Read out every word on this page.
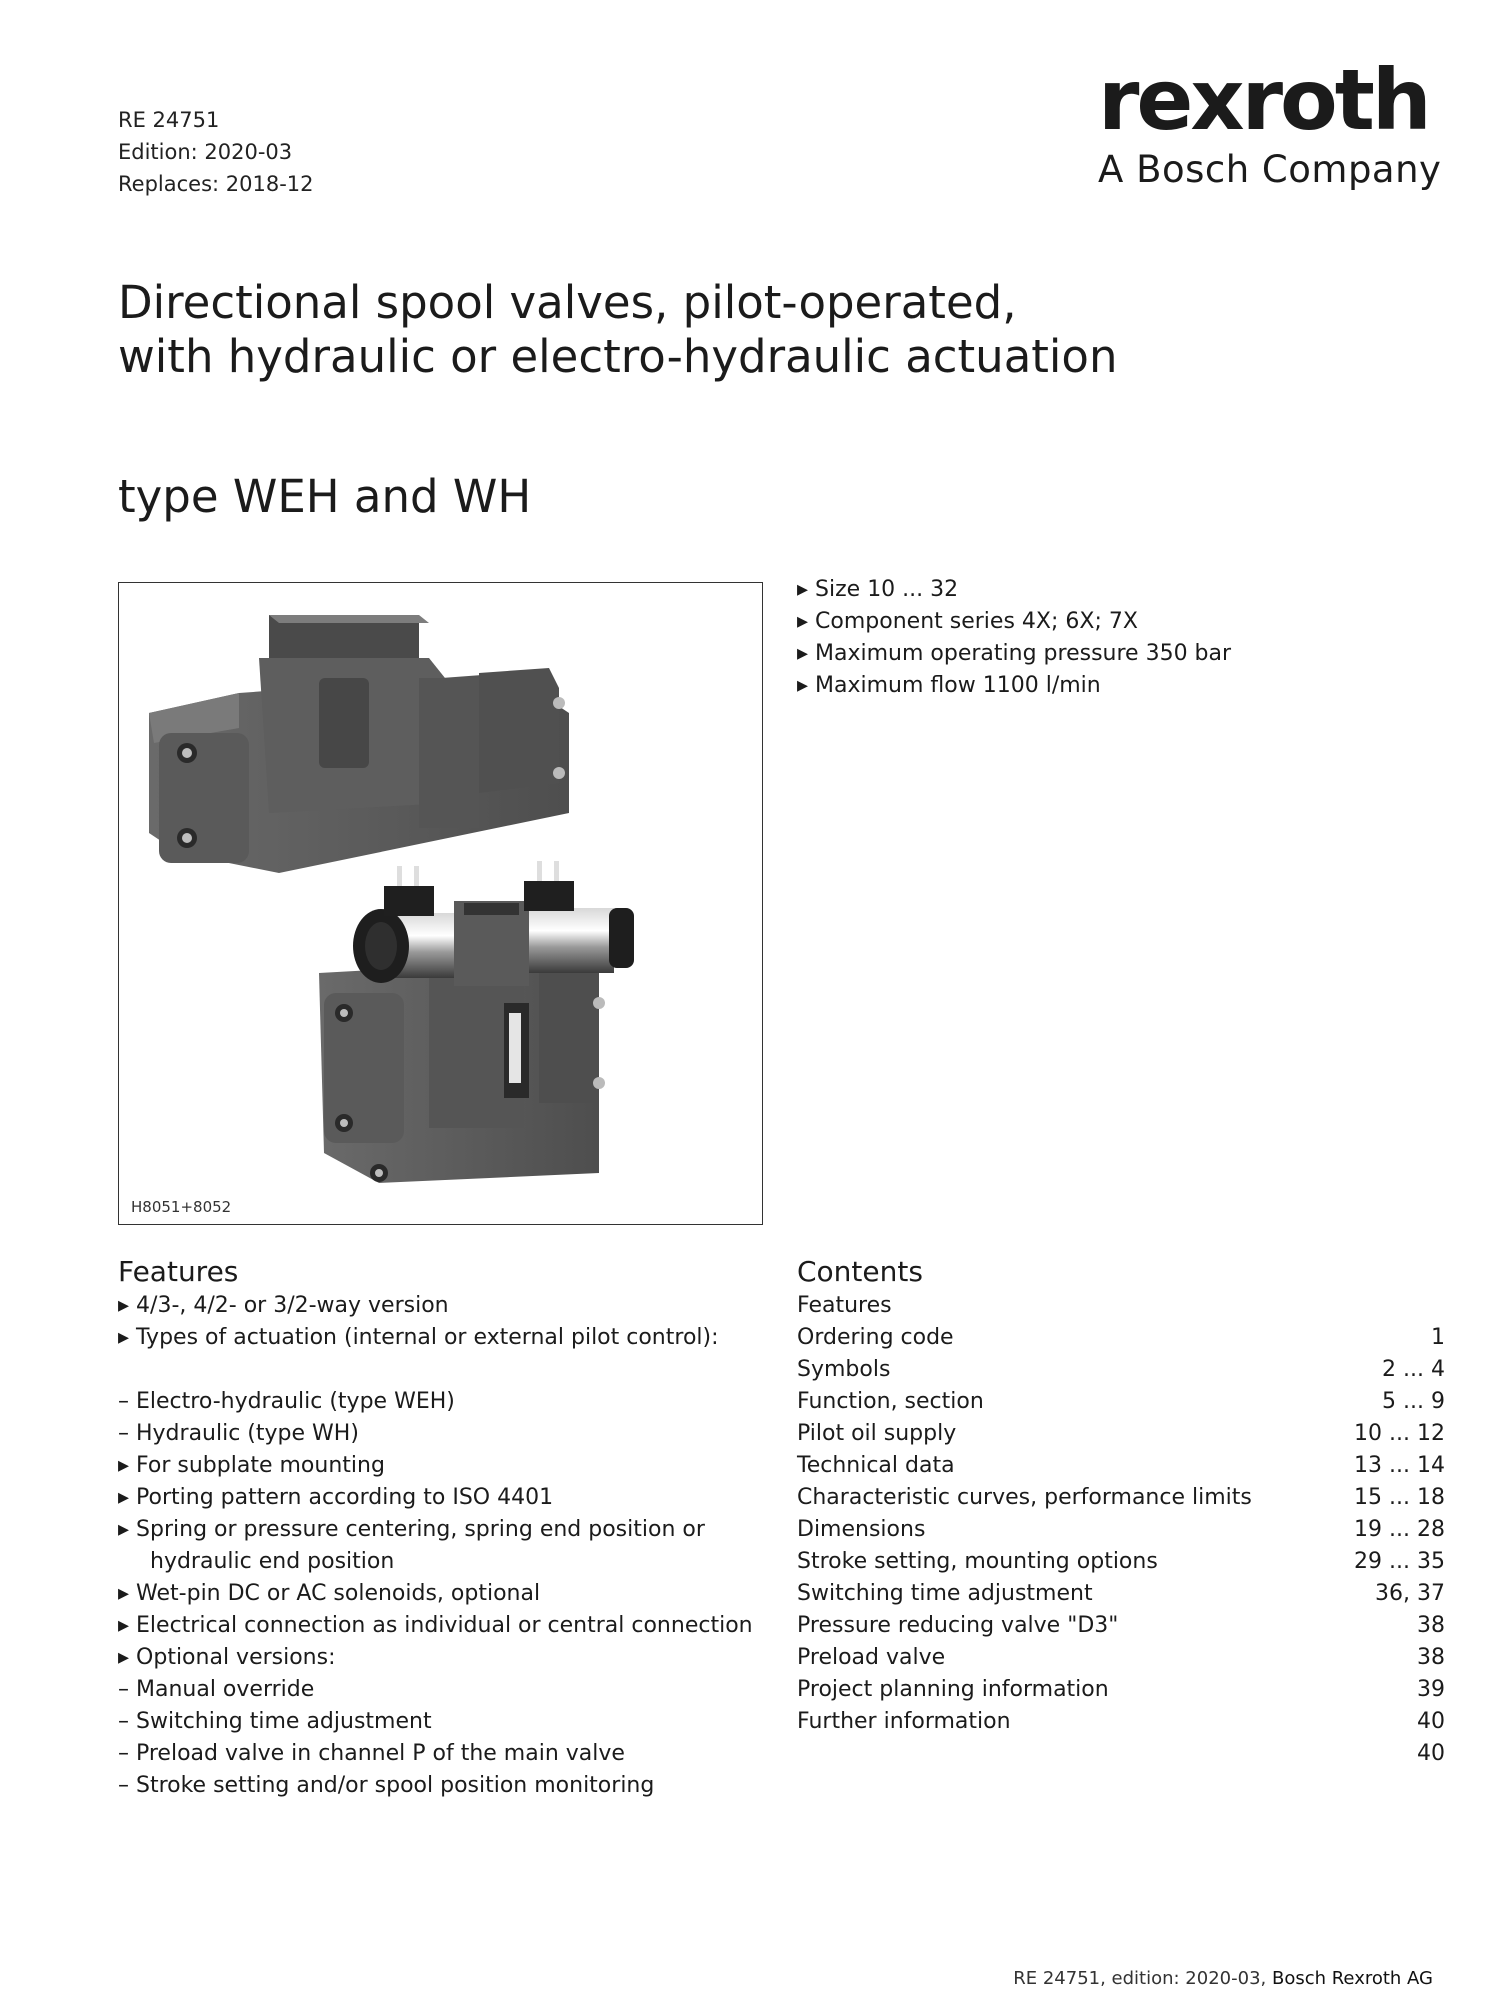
RE 24751
Edition: 2020-03
Replaces: 2018-12
rexroth
A Bosch Company
Directional spool valves, pilot-operated,
with hydraulic or electro-hydraulic actuation
type WEH and WH
H8051+8052
▸ Size 10 ... 32
▸ Component series 4X; 6X; 7X
▸ Maximum operating pressure 350 bar
▸ Maximum flow 1100 l/min
Features
▸ 4/3-, 4/2- or 3/2-way version
▸ Types of actuation (internal or external pilot control):
– Electro-hydraulic (type WEH)
– Hydraulic (type WH)
▸ For subplate mounting
▸ Porting pattern according to ISO 4401
▸ Spring or pressure centering, spring end position or
hydraulic end position
▸ Wet-pin DC or AC solenoids, optional
▸ Electrical connection as individual or central connection
▸ Optional versions:
– Manual override
– Switching time adjustment
– Preload valve in channel P of the main valve
– Stroke setting and/or spool position monitoring
Contents
Features
Ordering code
Symbols
Function, section
Pilot oil supply
Technical data
Characteristic curves, performance limits
Dimensions
Stroke setting, mounting options
Switching time adjustment
Pressure reducing valve "D3"
Preload valve
Project planning information
Further information
1
2 ... 4
5 ... 9
10 ... 12
13 ... 14
15 ... 18
19 ... 28
29 ... 35
36, 37
38
38
39
40
40
RE 24751, edition: 2020-03, Bosch Rexroth AG
